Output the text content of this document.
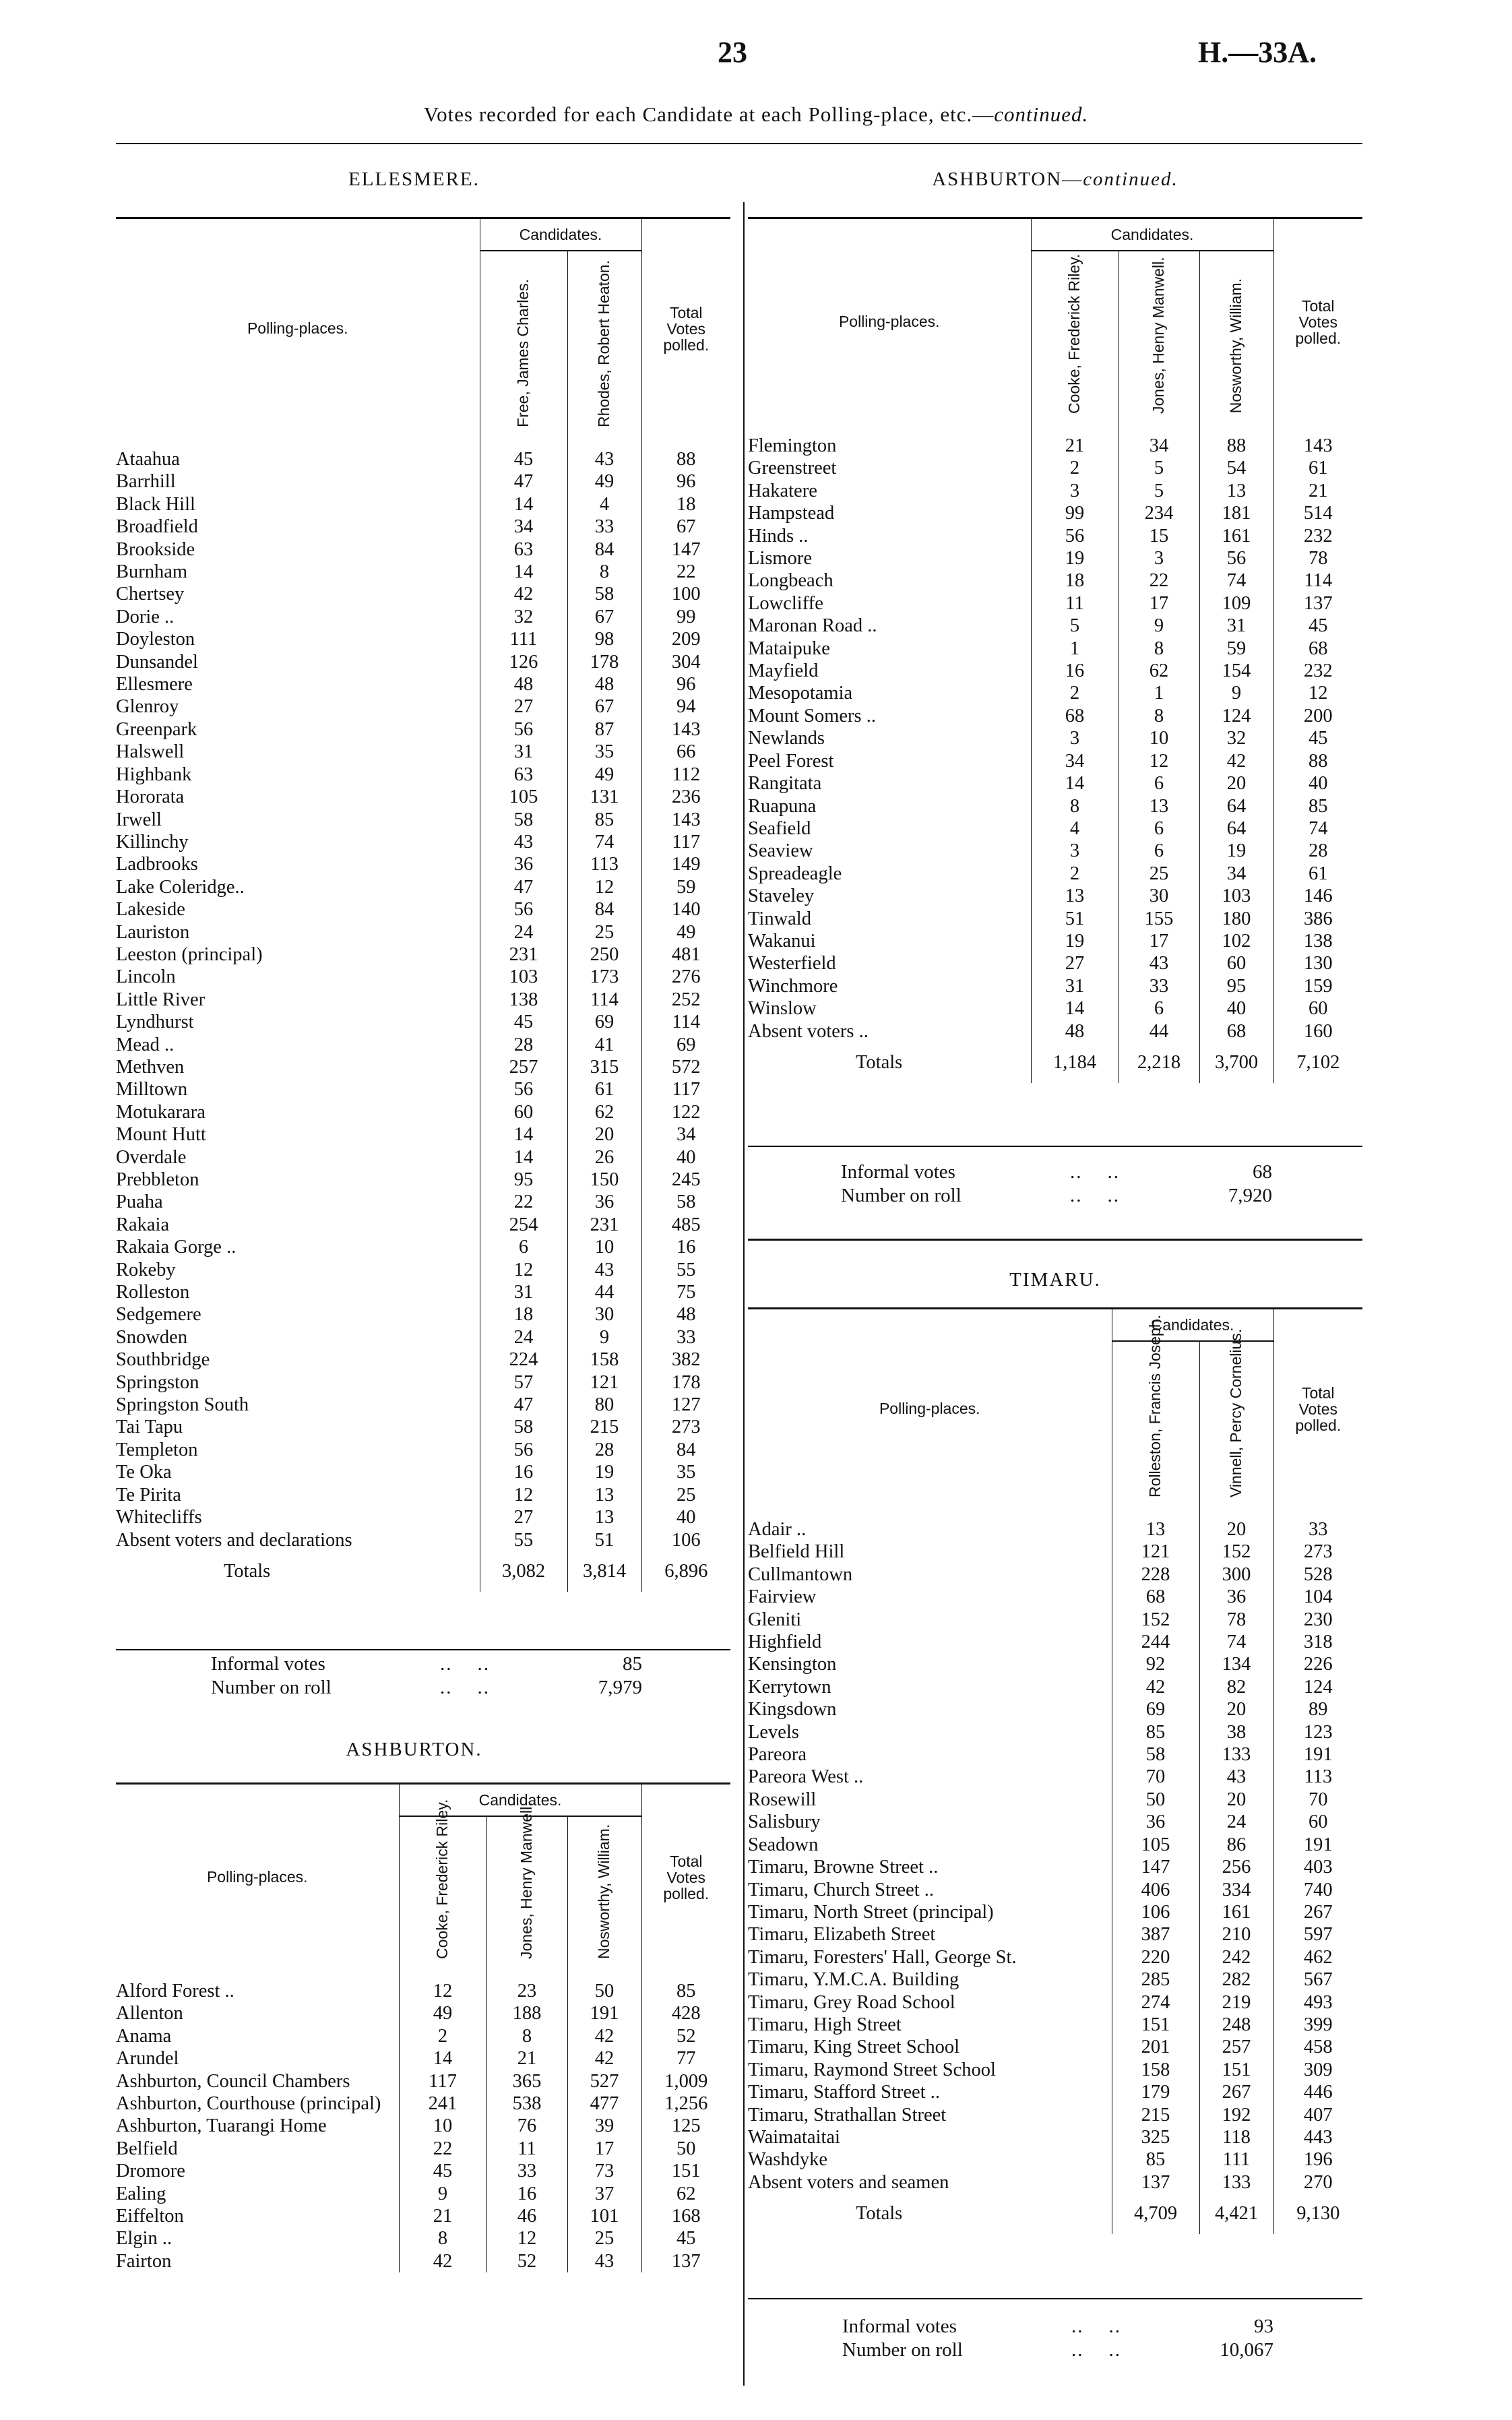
23	H.—33A.
Votes recorded for each Candidate at each Polling-place, etc.—continued.
ELLESMERE.
Polling-places.	Candidates.		Total Votes polled.
	Free, James Charles.	Rhodes, Robert Heaton.	

Ataahua	45	43	88
Barrhill	47	49	96
Black Hill	14	4	18
Broadfield	34	33	67
Brookside	63	84	147
Burnham	14	8	22
Chertsey	42	58	100
Dorie ..	32	67	99
Doyleston	111	98	209
Dunsandel	126	178	304
Ellesmere	48	48	96
Glenroy	27	67	94
Greenpark	56	87	143
Halswell	31	35	66
Highbank	63	49	112
Hororata	105	131	236
Irwell	58	85	143
Killinchy	43	74	117
Ladbrooks	36	113	149
Lake Coleridge..	47	12	59
Lakeside	56	84	140
Lauriston	24	25	49
Leeston (principal)	231	250	481
Lincoln	103	173	276
Little River	138	114	252
Lyndhurst	45	69	114
Mead ..	28	41	69
Methven	257	315	572
Milltown	56	61	117
Motukarara	60	62	122
Mount Hutt	14	20	34
Overdale	14	26	40
Prebbleton	95	150	245
Puaha	22	36	58
Rakaia	254	231	485
Rakaia Gorge ..	6	10	16
Rokeby	12	43	55
Rolleston	31	44	75
Sedgemere	18	30	48
Snowden	24	9	33
Southbridge	224	158	382
Springston	57	121	178
Springston South	47	80	127
Tai Tapu	58	215	273
Templeton	56	28	84
Te Oka	16	19	35
Te Pirita	12	13	25
Whitecliffs	27	13	40
Absent voters and declarations	55	51	106
Totals	3,082	3,814	6,896
Informal votes	..    ..	85
Number on roll	..    ..	7,979
ASHBURTON.
Polling-places.	Candidates.			Total Votes polled.
	Cooke, Frederick Riley.	Jones, Henry Manwell.	Nosworthy, William.	

Alford Forest ..	12	23	50	85
Allenton	49	188	191	428
Anama	2	8	42	52
Arundel	14	21	42	77
Ashburton, Council Chambers	117	365	527	1,009
Ashburton, Courthouse (principal)	241	538	477	1,256
Ashburton, Tuarangi Home	10	76	39	125
Belfield	22	11	17	50
Dromore	45	33	73	151
Ealing	9	16	37	62
Eiffelton	21	46	101	168
Elgin ..	8	12	25	45
Fairton	42	52	43	137
ASHBURTON—continued.
Polling-places.	Candidates.			Total Votes polled.
	Cooke, Frederick Riley.	Jones, Henry Manwell.	Nosworthy, William.	

Flemington	21	34	88	143
Greenstreet	2	5	54	61
Hakatere	3	5	13	21
Hampstead	99	234	181	514
Hinds ..	56	15	161	232
Lismore	19	3	56	78
Longbeach	18	22	74	114
Lowcliffe	11	17	109	137
Maronan Road ..	5	9	31	45
Mataipuke	1	8	59	68
Mayfield	16	62	154	232
Mesopotamia	2	1	9	12
Mount Somers ..	68	8	124	200
Newlands	3	10	32	45
Peel Forest	34	12	42	88
Rangitata	14	6	20	40
Ruapuna	8	13	64	85
Seafield	4	6	64	74
Seaview	3	6	19	28
Spreadeagle	2	25	34	61
Staveley	13	30	103	146
Tinwald	51	155	180	386
Wakanui	19	17	102	138
Westerfield	27	43	60	130
Winchmore	31	33	95	159
Winslow	14	6	40	60
Absent voters ..	48	44	68	160
Totals	1,184	2,218	3,700	7,102
Informal votes	..    ..	68
Number on roll	..    ..	7,920
TIMARU.
Polling-places.	Candidates.		Total Votes polled.
	Rolleston, Francis Joseph.	Vinnell, Percy Cornelius.	

Adair ..	13	20	33
Belfield Hill	121	152	273
Cullmantown	228	300	528
Fairview	68	36	104
Gleniti	152	78	230
Highfield	244	74	318
Kensington	92	134	226
Kerrytown	42	82	124
Kingsdown	69	20	89
Levels	85	38	123
Pareora	58	133	191
Pareora West ..	70	43	113
Rosewill	50	20	70
Salisbury	36	24	60
Seadown	105	86	191
Timaru, Browne Street ..	147	256	403
Timaru, Church Street ..	406	334	740
Timaru, North Street (principal)	106	161	267
Timaru, Elizabeth Street	387	210	597
Timaru, Foresters' Hall, George St.	220	242	462
Timaru, Y.M.C.A. Building	285	282	567
Timaru, Grey Road School	274	219	493
Timaru, High Street	151	248	399
Timaru, King Street School	201	257	458
Timaru, Raymond Street School	158	151	309
Timaru, Stafford Street ..	179	267	446
Timaru, Strathallan Street	215	192	407
Waimataitai	325	118	443
Washdyke	85	111	196
Absent voters and seamen	137	133	270
Totals	4,709	4,421	9,130
Informal votes	..    ..	93
Number on roll	..    ..	10,067
